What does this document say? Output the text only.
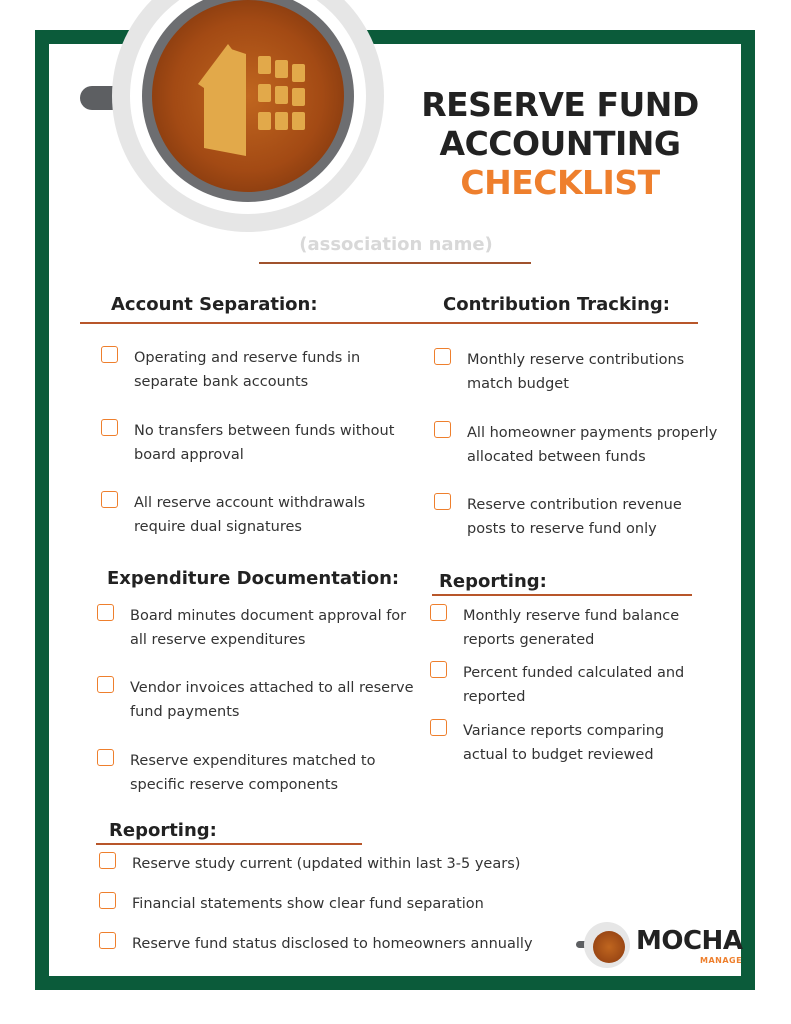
RESERVE FUND
ACCOUNTING
CHECKLIST
(association name)
Account Separation:
Operating and reserve funds in
separate bank accounts
No transfers between funds without
board approval
All reserve account withdrawals
require dual signatures
Contribution Tracking:
Monthly reserve contributions
match budget
All homeowner payments properly
allocated between funds
Reserve contribution revenue
posts to reserve fund only
Expenditure Documentation:
Board minutes document approval for
all reserve expenditures
Vendor invoices attached to all reserve
fund payments
Reserve expenditures matched to
specific reserve components
Reporting:
Monthly reserve fund balance
reports generated
Percent funded calculated and
reported
Variance reports comparing
actual to budget reviewed
Reporting:
Reserve study current (updated within last 3-5 years)
Financial statements show clear fund separation
Reserve fund status disclosed to homeowners annually	MOCHA
MANAGE
